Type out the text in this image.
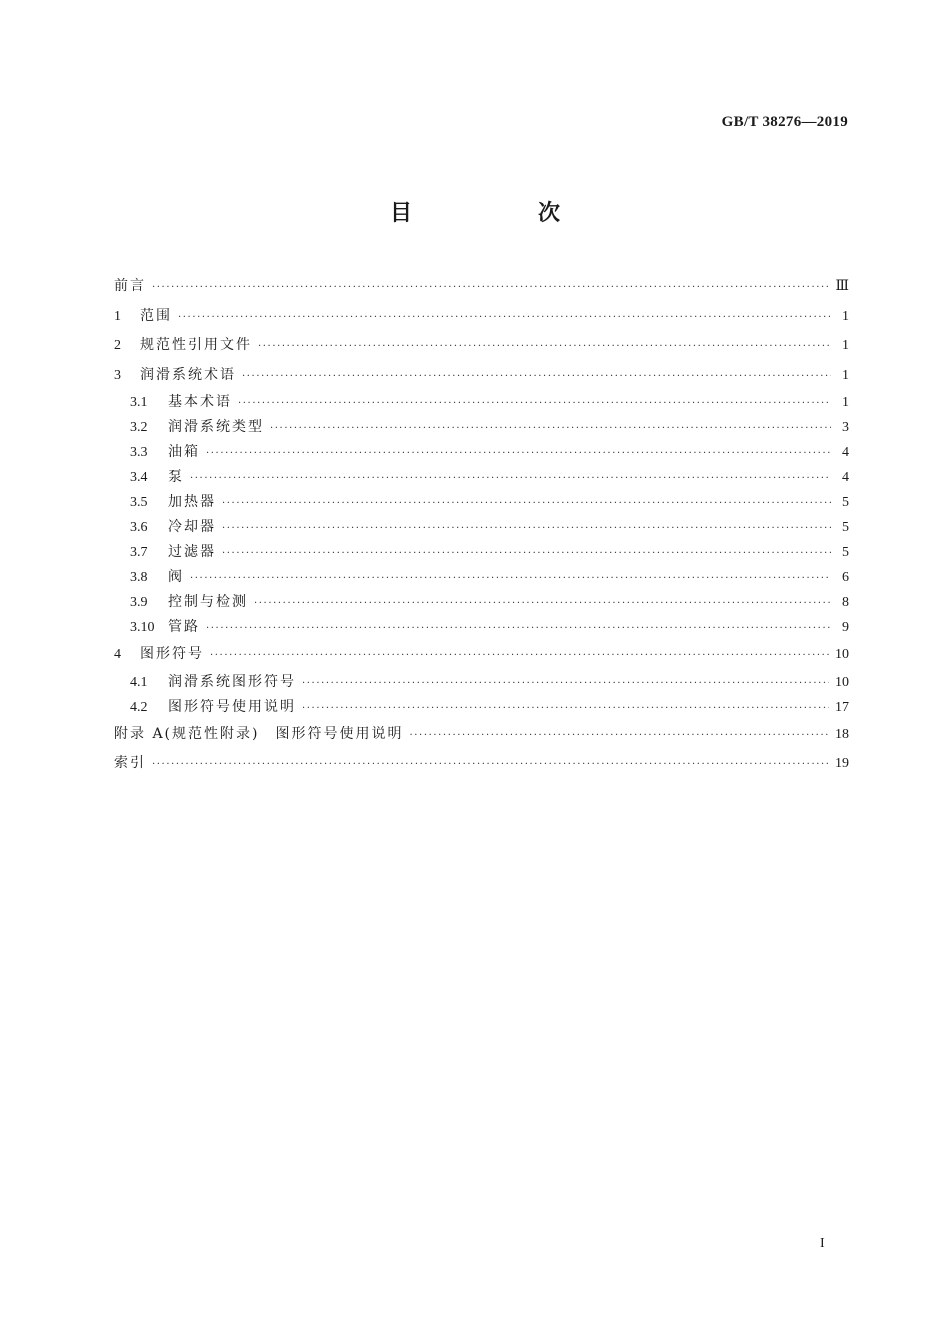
GB/T 38276—2019
目　次
前言 ·····	Ⅲ
1	范围 ·····	1
2	规范性引用文件 ·····	1
3	润滑系统术语 ·····	1
3.1	基本术语 ·····	1
3.2	润滑系统类型 ·····	3
3.3	油箱 ·····	4
3.4	泵 ·····	4
3.5	加热器 ·····	5
3.6	冷却器 ·····	5
3.7	过滤器 ·····	5
3.8	阀 ·····	6
3.9	控制与检测 ·····	8
3.10 管路 ·····	9
4	图形符号 ·····	10
4.1	润滑系统图形符号 ·····	10
4.2	图形符号使用说明 ·····	17
附录 A(规范性附录)　图形符号使用说明 ·····	18
索引 ·····	19
I
